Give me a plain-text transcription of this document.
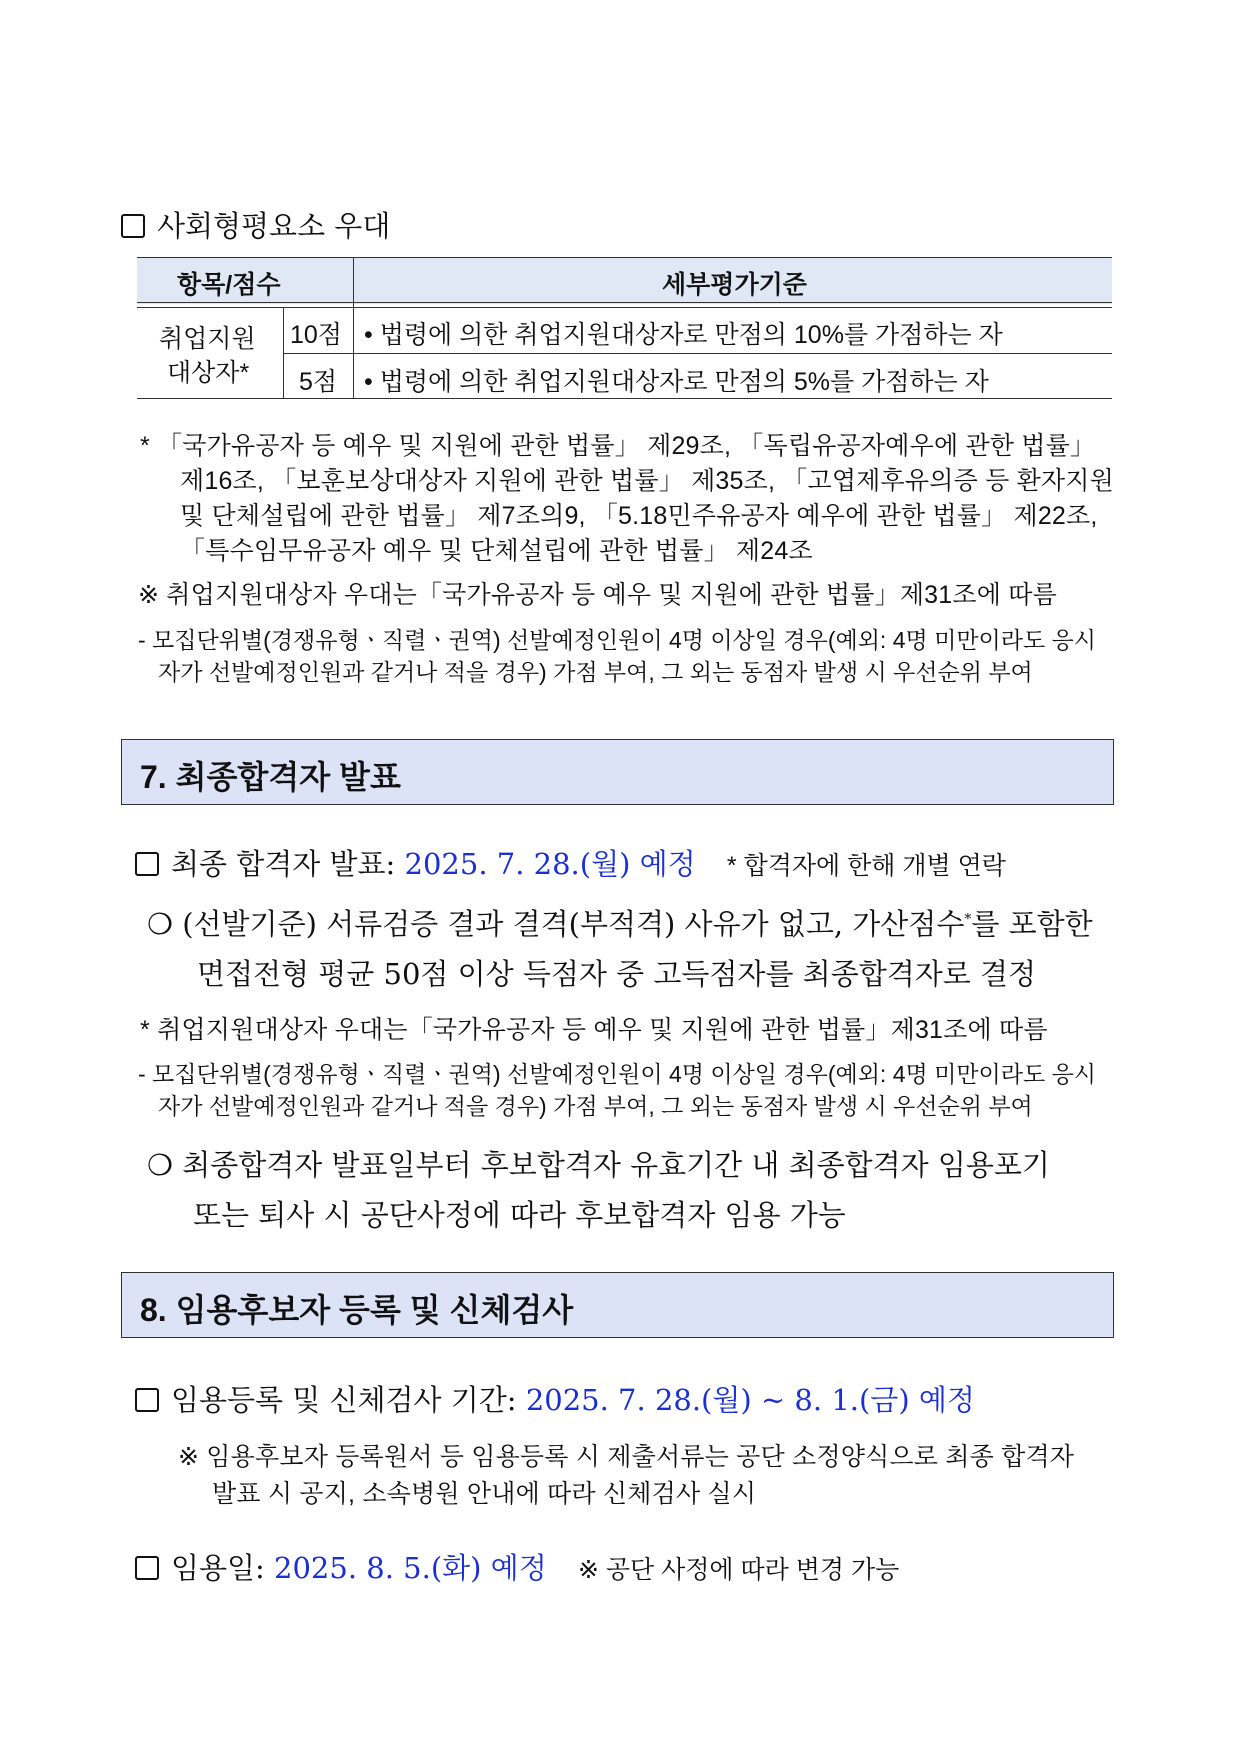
사회형평요소 우대
항목/점수	세부평가기준
취업지원
대상자*
10점 • 법령에 의한 취업지원대상자로 만점의 10%를 가점하는 자
5점 • 법령에 의한 취업지원대상자로 만점의 5%를 가점하는 자
* 「국가유공자 등 예우 및 지원에 관한 법률」 제29조, 「독립유공자예우에 관한 법률」
제16조, 「보훈보상대상자 지원에 관한 법률」 제35조, 「고엽제후유의증 등 환자지원
및 단체설립에 관한 법률」 제7조의9, 「5.18민주유공자 예우에 관한 법률」 제22조,
「특수임무유공자 예우 및 단체설립에 관한 법률」 제24조
※ 취업지원대상자 우대는「국가유공자 등 예우 및 지원에 관한 법률」제31조에 따름
- 모집단위별(경쟁유형ㆍ직렬ㆍ권역) 선발예정인원이 4명 이상일 경우(예외: 4명 미만이라도 응시
자가 선발예정인원과 같거나 적을 경우) 가점 부여, 그 외는 동점자 발생 시 우선순위 부여
7. 최종합격자 발표
최종 합격자 발표: 2025. 7. 28.(월) 예정 * 합격자에 한해 개별 연락
❍ (선발기준) 서류검증 결과 결격(부적격) 사유가 없고, 가산점수*를 포함한
면접전형 평균 50점 이상 득점자 중 고득점자를 최종합격자로 결정
* 취업지원대상자 우대는「국가유공자 등 예우 및 지원에 관한 법률」제31조에 따름
- 모집단위별(경쟁유형ㆍ직렬ㆍ권역) 선발예정인원이 4명 이상일 경우(예외: 4명 미만이라도 응시
자가 선발예정인원과 같거나 적을 경우) 가점 부여, 그 외는 동점자 발생 시 우선순위 부여
❍ 최종합격자 발표일부터 후보합격자 유효기간 내 최종합격자 임용포기
또는 퇴사 시 공단사정에 따라 후보합격자 임용 가능
8. 임용후보자 등록 및 신체검사
임용등록 및 신체검사 기간: 2025. 7. 28.(월) ~ 8. 1.(금) 예정
※ 임용후보자 등록원서 등 임용등록 시 제출서류는 공단 소정양식으로 최종 합격자
발표 시 공지, 소속병원 안내에 따라 신체검사 실시
임용일: 2025. 8. 5.(화) 예정 ※ 공단 사정에 따라 변경 가능
